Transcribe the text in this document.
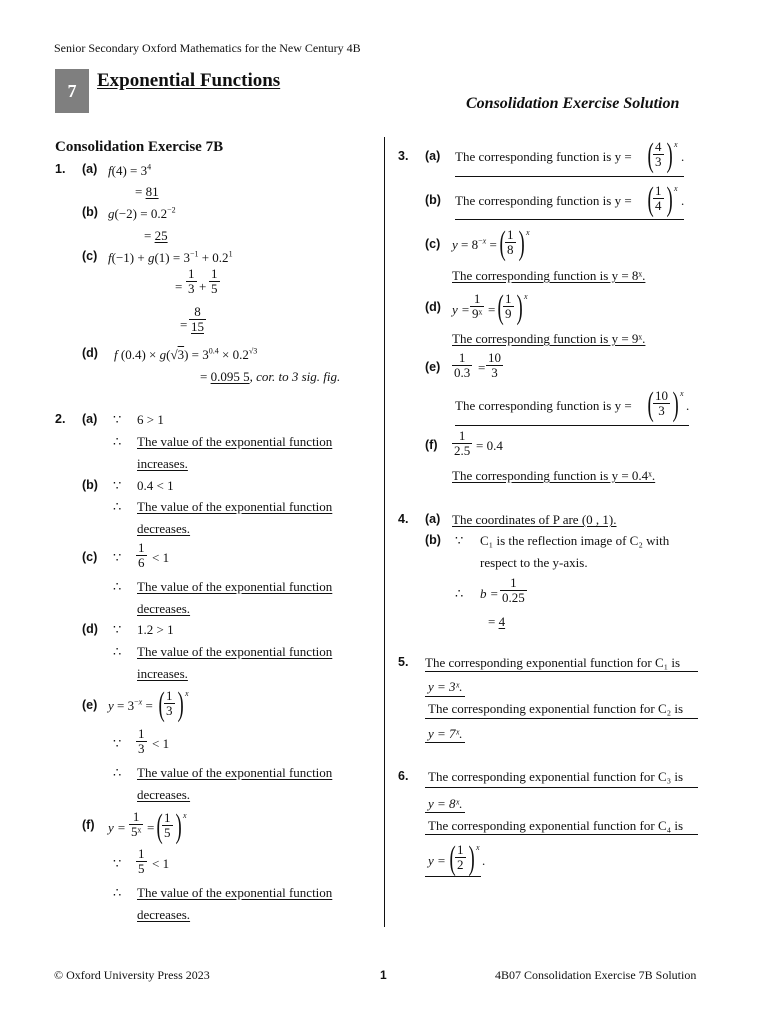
Senior Secondary Oxford Mathematics for the New Century 4B
7 Exponential Functions
Consolidation Exercise Solution
Consolidation Exercise 7B
1. (a) $f(4) = 3^4$
= 81
(b) $g(-2) = 0.2^{-2}$
= 25
(c) $f(-1) + g(1) = 3^{-1} + 0.2^1$
=
1
3 +
1
5
=
8
15
(d) f $(0.4) \times g(√3) = 3^{0.4} \times 0.2^{√3}$
= 0.095 5, cor. to 3 sig. fig.
2. (a) ∵ 6 > 1
∴ The value of the exponential function
increases.
(b) ∵ 0.4 < 1
∴ The value of the exponential function
decreases.
(c) ∵
1
6 < 1
∴ The value of the exponential function
decreases.
(d) ∵ 1.2 > 1
∴ The value of the exponential function
increases.
(e) $y = 3^{-x}$ = ( 1
3 ) x
∵
1
3 < 1
∴ The value of the exponential function
decreases.
(f) y =
1
5ˣ = ( 1
5 ) x
∵
1
5 < 1
∴ The value of the exponential function
decreases.
3. (a) The corresponding function is y = ( 4
3 ) x
.
(b) The corresponding function is y = ( 1
4 ) x
.
(c) $y = 8^{-x}$ = ( 1
8 ) x
The corresponding function is y = 8ˣ.
(d) y =
1
9ˣ = ( 1
9 ) x
The corresponding function is y = 9ˣ.
(e)
1
0.3 =
10
3
The corresponding function is y = ( 10
3 ) x
.
(f)
1
2.5 = 0.4
The corresponding function is y = 0.4ˣ.
4. (a) The coordinates of P are (0 , 1).
(b) ∵ C₁ is the reflection image of C₂ with
respect to the y-axis.
∴ b =
1
0.25
= 4
5. The corresponding exponential function for C₁ is
y = 3ˣ.
The corresponding exponential function for C₂ is
y = 7ˣ.
6. The corresponding exponential function for C₃ is
y = 8ˣ.
The corresponding exponential function for C₄ is
y = ( 1
2 ) x
.
© Oxford University Press 2023	1	4B07 Consolidation Exercise 7B Solution
